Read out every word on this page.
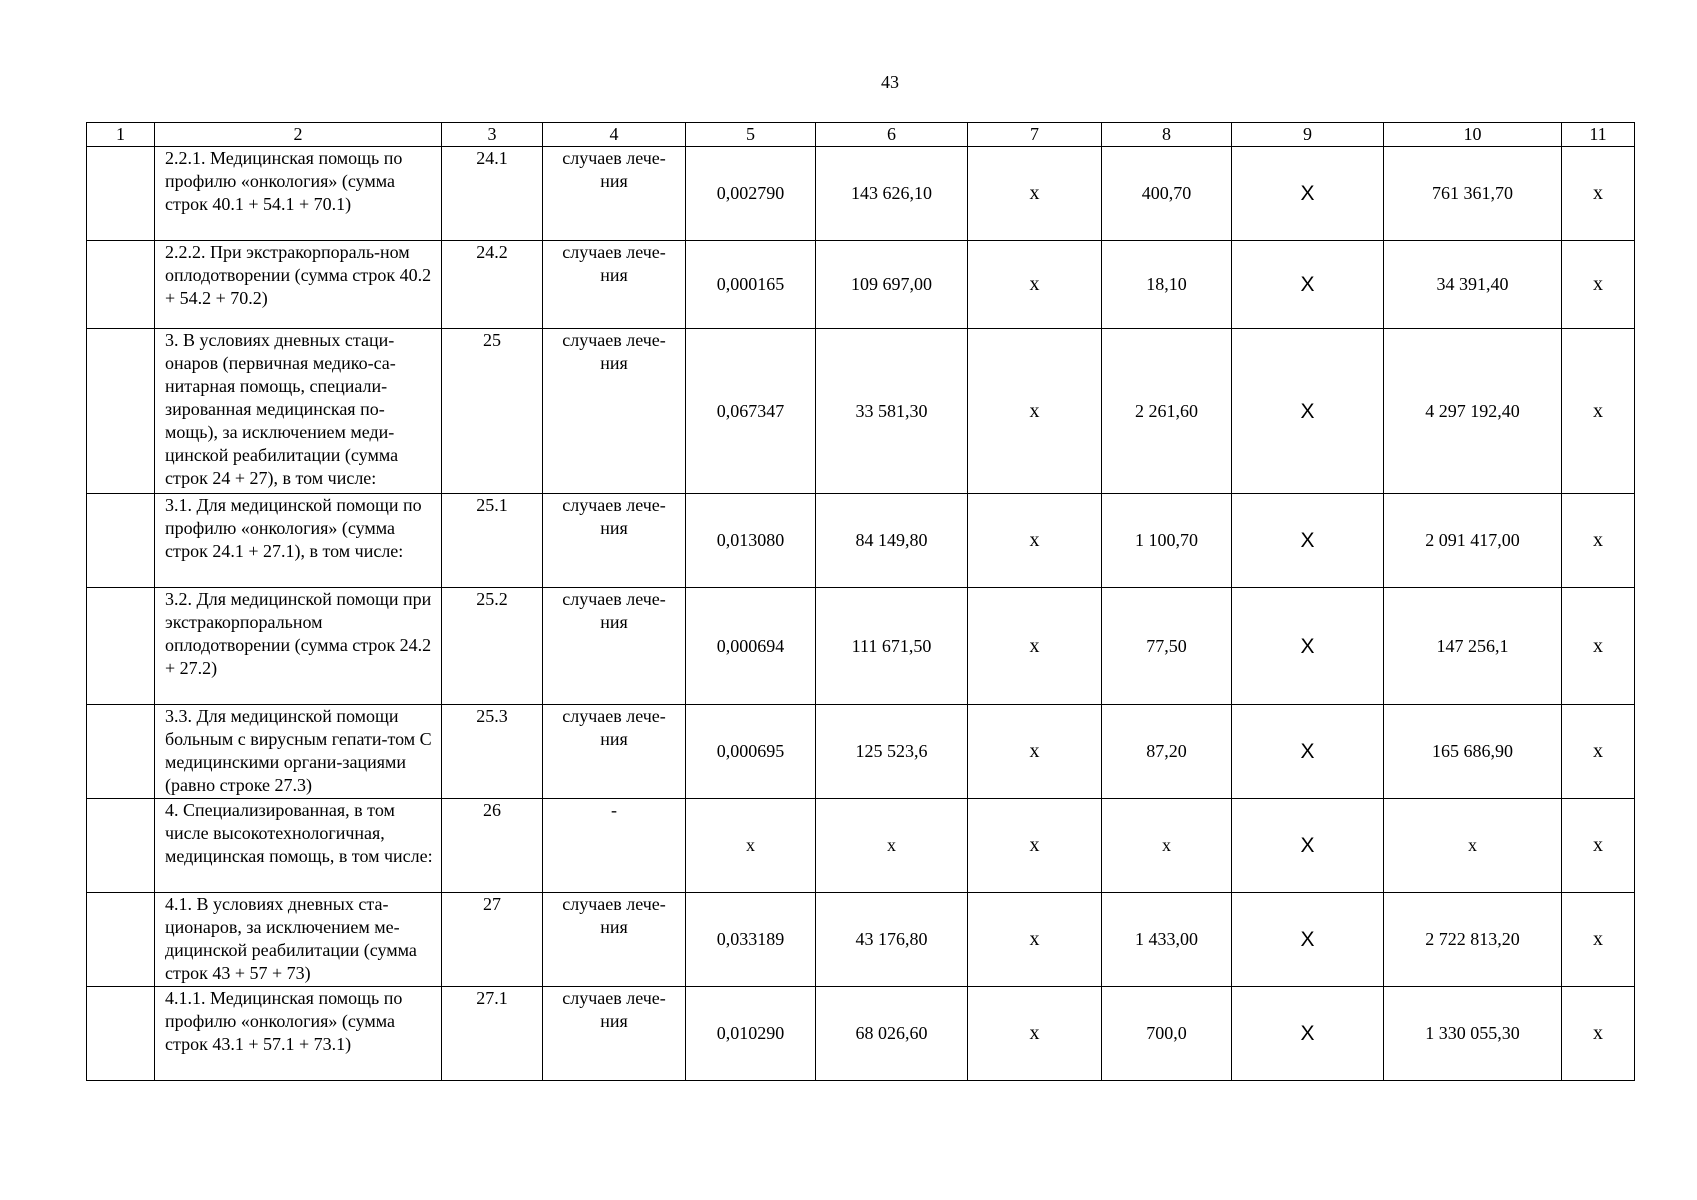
43
1	2	3	4	5	6	7	8	9	10	11
	2.2.1. Медицинская помощь по профилю «онкология» (сумма строк 40.1 + 54.1 + 70.1)	24.1	случаев лече-ния	0,002790	143 626,10	х	400,70	Х	761 361,70	х
	2.2.2. При экстракорпораль-ном оплодотворении (сумма строк 40.2 + 54.2 + 70.2)	24.2	случаев лече-ния	0,000165	109 697,00	х	18,10	Х	34 391,40	х
	3. В условиях дневных стаци-онаров (первичная медико-са-нитарная помощь, специали-зированная медицинская по-мощь), за исключением меди-цинской реабилитации (сумма строк 24 + 27), в том числе:	25	случаев лече-ния	0,067347	33 581,30	х	2 261,60	Х	4 297 192,40	х
	3.1. Для медицинской помощи по профилю «онкология» (сумма строк 24.1 + 27.1), в том числе:	25.1	случаев лече-ния	0,013080	84 149,80	х	1 100,70	Х	2 091 417,00	х
	3.2. Для медицинской помощи при экстракорпоральном оплодотворении (сумма строк 24.2 + 27.2)	25.2	случаев лече-ния	0,000694	111 671,50	х	77,50	Х	147 256,1	х
	3.3. Для медицинской помощи больным с вирусным гепати-том С медицинскими органи-зациями (равно строке 27.3)	25.3	случаев лече-ния	0,000695	125 523,6	х	87,20	Х	165 686,90	х
	4. Специализированная, в том числе высокотехнологичная, медицинская помощь, в том числе:	26	-	х	х	х	х	Х	х	х
	4.1. В условиях дневных ста-ционаров, за исключением ме-дицинской реабилитации (сумма строк 43 + 57 + 73)	27	случаев лече-ния	0,033189	43 176,80	х	1 433,00	Х	2 722 813,20	х
	4.1.1. Медицинская помощь по профилю «онкология» (сумма строк 43.1 + 57.1 + 73.1)	27.1	случаев лече-ния	0,010290	68 026,60	х	700,0	Х	1 330 055,30	х
